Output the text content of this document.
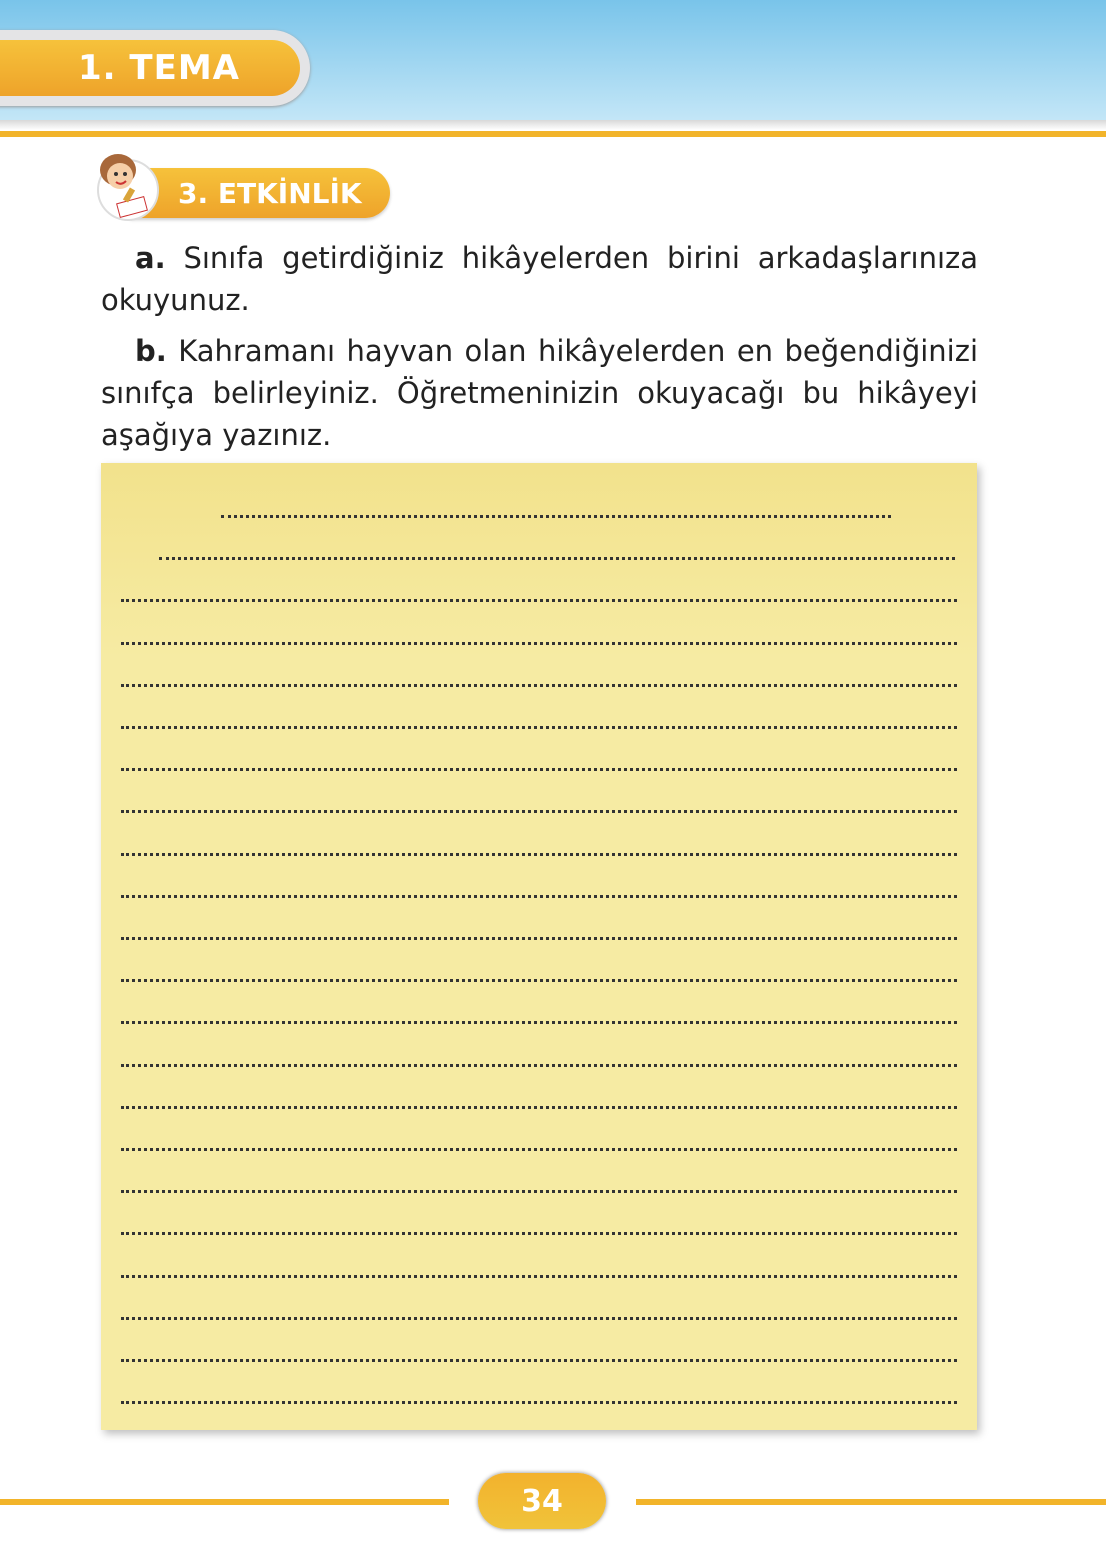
1. TEMA
3. ETKİNLİK
a. Sınıfa getirdiğiniz hikâyelerden birini arkadaşlarınıza okuyunuz.
b. Kahramanı hayvan olan hikâyelerden en beğendiğinizi sınıfça belirleyiniz. Öğretmeninizin okuyacağı bu hikâyeyi aşağıya yazınız.
34
